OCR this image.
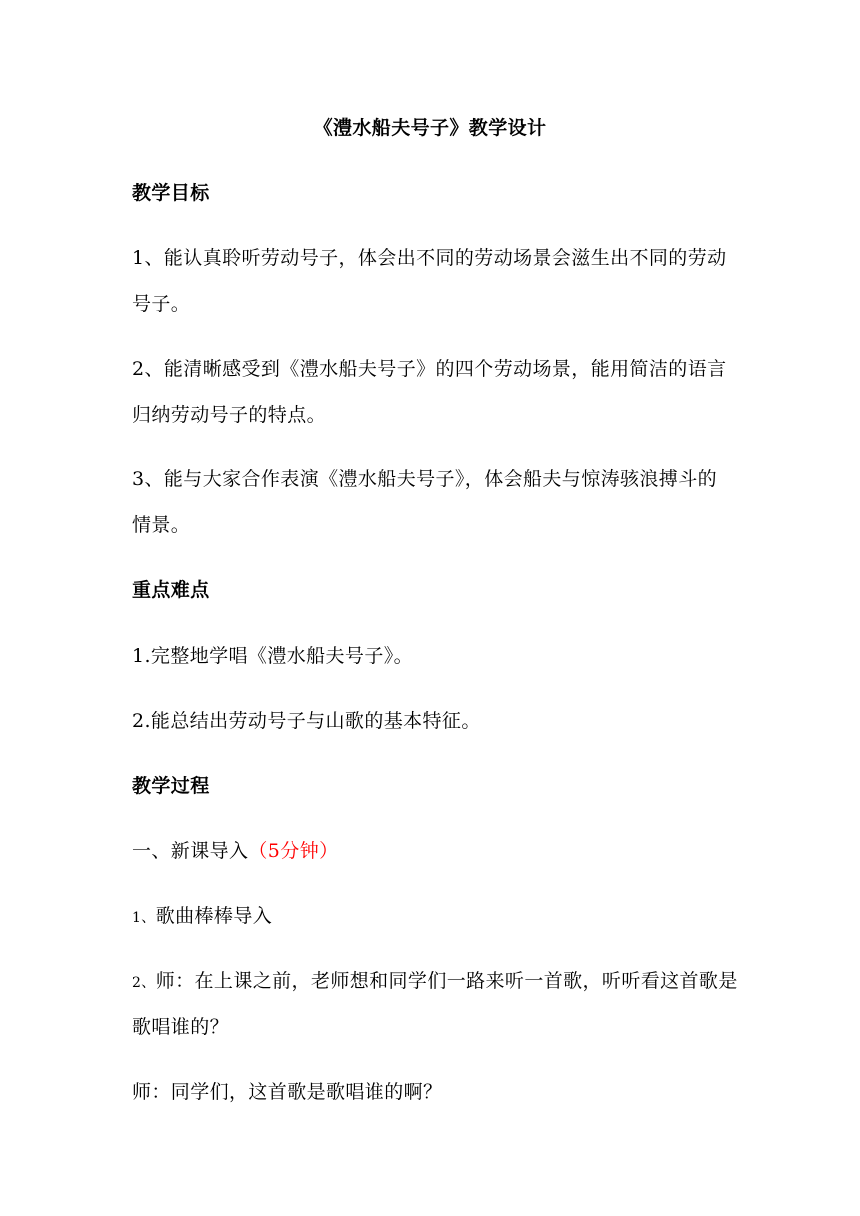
《澧水船夫号子》教学设计
教学目标
1、能认真聆听劳动号子，体会出不同的劳动场景会滋生出不同的劳动
号子。
2、能清晰感受到《澧水船夫号子》的四个劳动场景，能用简洁的语言
归纳劳动号子的特点。
3、能与大家合作表演《澧水船夫号子》，体会船夫与惊涛骇浪搏斗的
情景。
重点难点
1.完整地学唱《澧水船夫号子》。
2.能总结出劳动号子与山歌的基本特征。
教学过程
一、新课导入（5分钟）
1、歌曲棒棒导入
2、师：在上课之前，老师想和同学们一路来听一首歌，听听看这首歌是
歌唱谁的？
师：同学们，这首歌是歌唱谁的啊？
